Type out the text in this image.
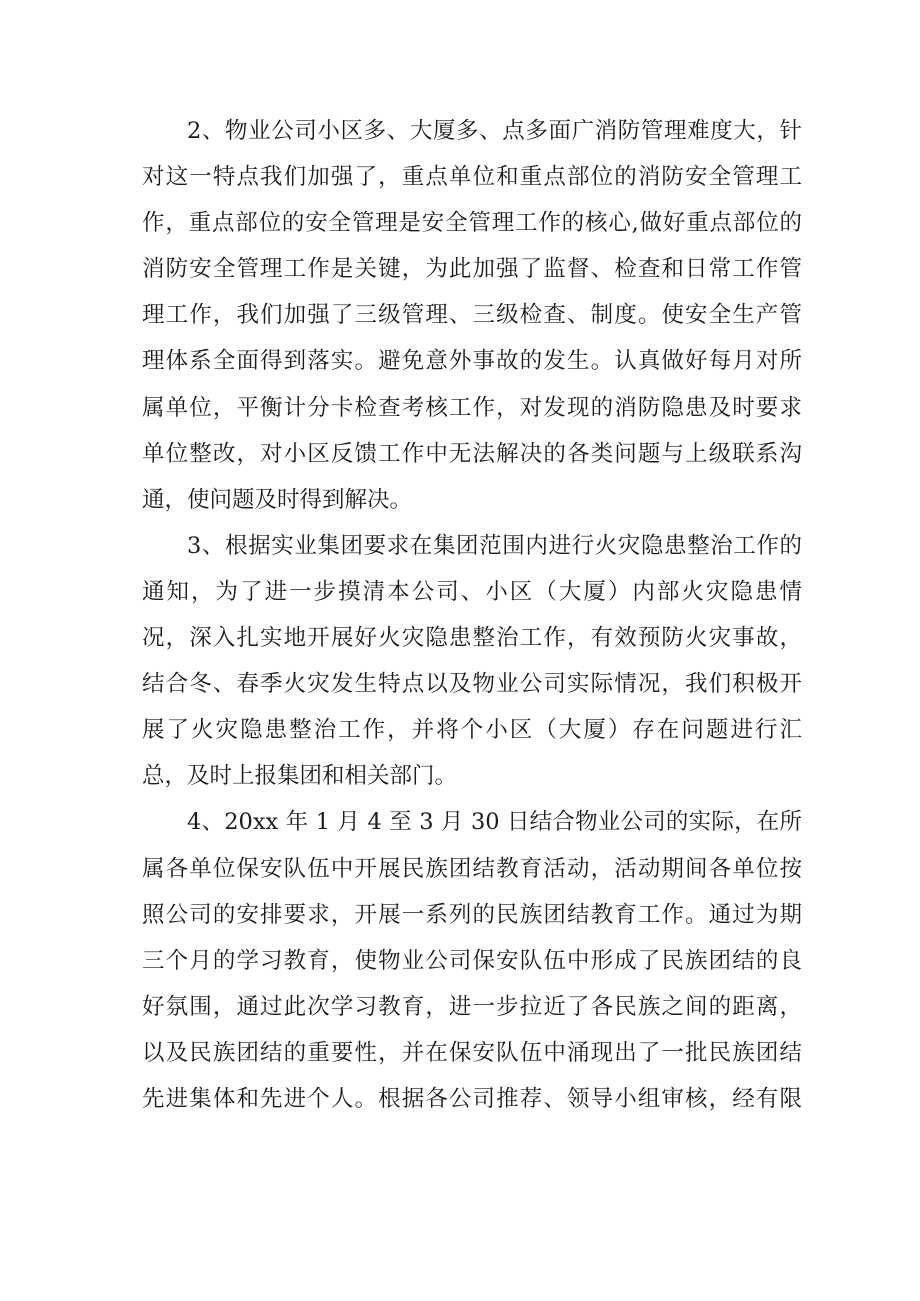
2、物业公司小区多、大厦多、点多面广消防管理难度大，针
对这一特点我们加强了，重点单位和重点部位的消防安全管理工
作，重点部位的安全管理是安全管理工作的核心,做好重点部位的
消防安全管理工作是关键，为此加强了监督、检查和日常工作管
理工作，我们加强了三级管理、三级检查、制度。使安全生产管
理体系全面得到落实。避免意外事故的发生。认真做好每月对所
属单位，平衡计分卡检查考核工作，对发现的消防隐患及时要求
单位整改，对小区反馈工作中无法解决的各类问题与上级联系沟
通，使问题及时得到解决。
3、根据实业集团要求在集团范围内进行火灾隐患整治工作的
通知，为了进一步摸清本公司、小区（大厦）内部火灾隐患情
况，深入扎实地开展好火灾隐患整治工作，有效预防火灾事故，
结合冬、春季火灾发生特点以及物业公司实际情况，我们积极开
展了火灾隐患整治工作，并将个小区（大厦）存在问题进行汇
总，及时上报集团和相关部门。
4、20xx 年 1 月 4 至 3 月 30 日结合物业公司的实际，在所
属各单位保安队伍中开展民族团结教育活动，活动期间各单位按
照公司的安排要求，开展一系列的民族团结教育工作。通过为期
三个月的学习教育，使物业公司保安队伍中形成了民族团结的良
好氛围，通过此次学习教育，进一步拉近了各民族之间的距离，
以及民族团结的重要性，并在保安队伍中涌现出了一批民族团结
先进集体和先进个人。根据各公司推荐、领导小组审核，经有限
